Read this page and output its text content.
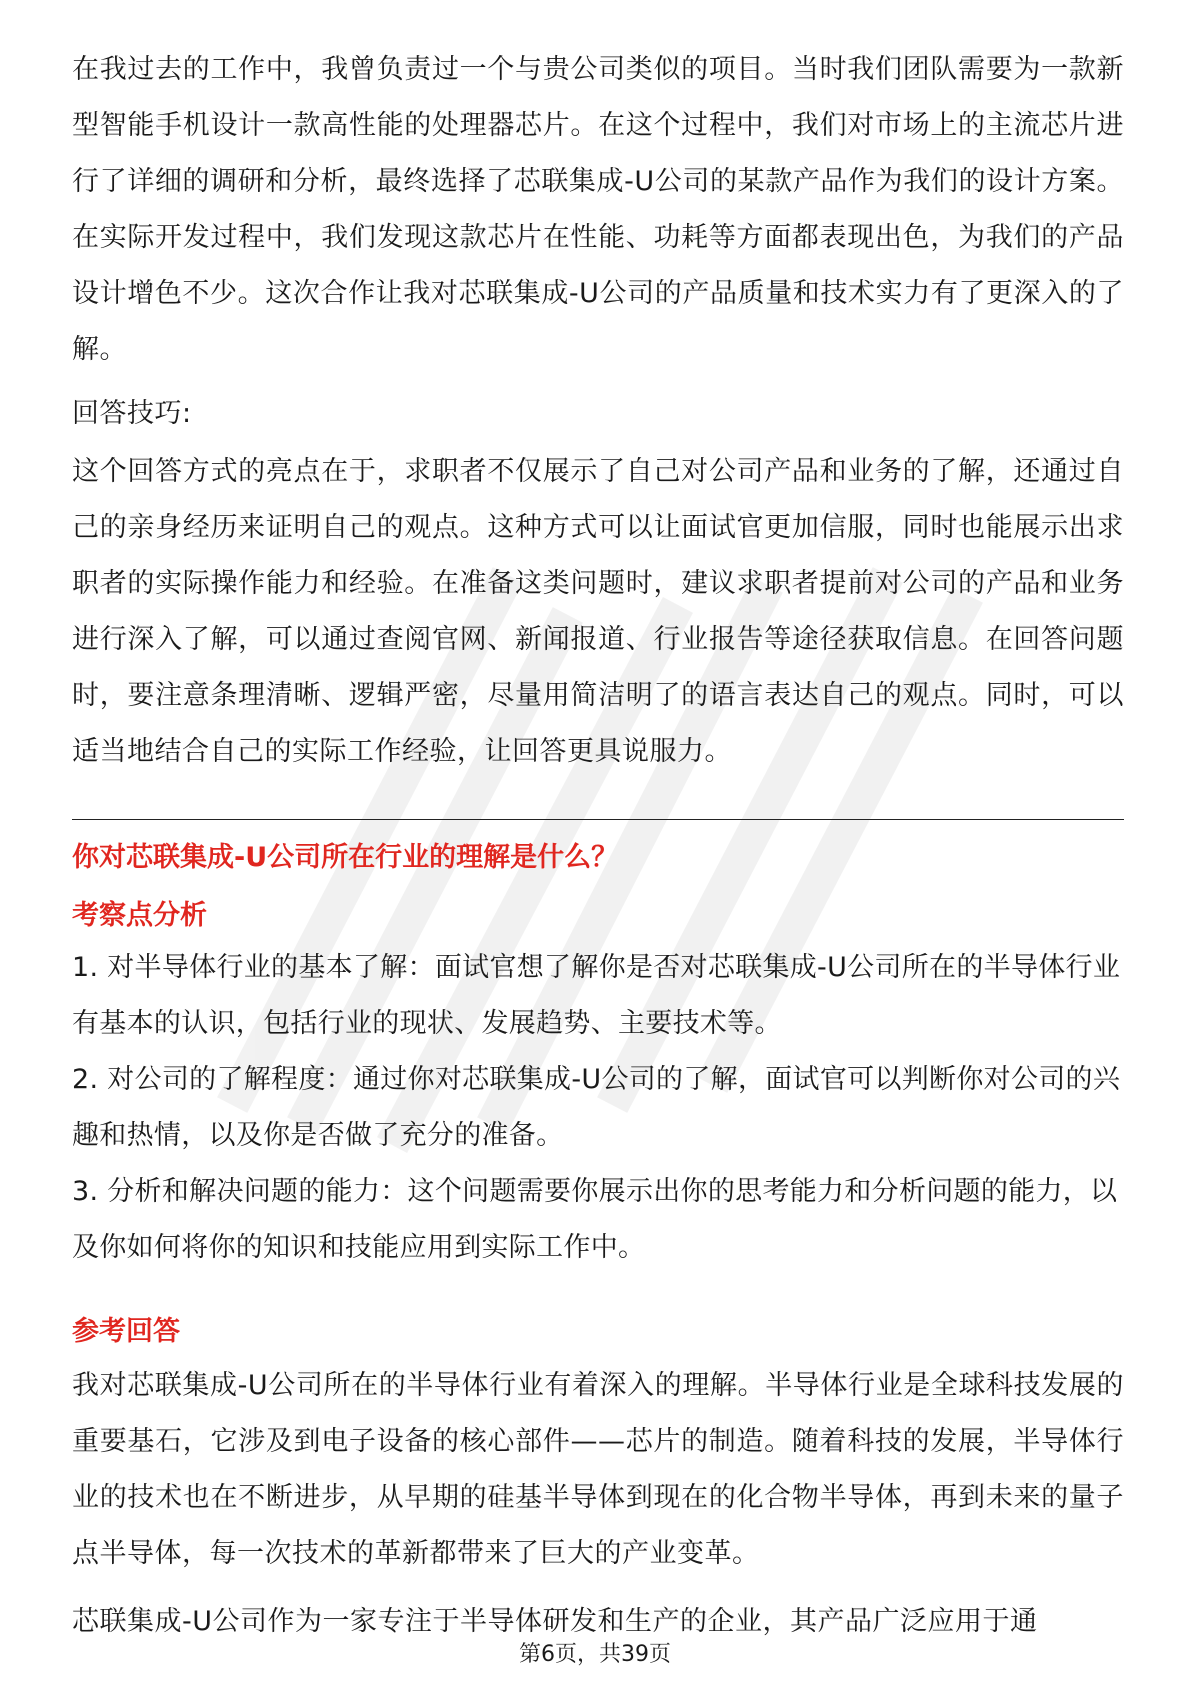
在我过去的工作中，我曾负责过一个与贵公司类似的项目。当时我们团队需要为一款新型智能手机设计一款高性能的处理器芯片。在这个过程中，我们对市场上的主流芯片进行了详细的调研和分析，最终选择了芯联集成-U公司的某款产品作为我们的设计方案。在实际开发过程中，我们发现这款芯片在性能、功耗等方面都表现出色，为我们的产品设计增色不少。这次合作让我对芯联集成-U公司的产品质量和技术实力有了更深入的了解。

回答技巧:

这个回答方式的亮点在于，求职者不仅展示了自己对公司产品和业务的了解，还通过自己的亲身经历来证明自己的观点。这种方式可以让面试官更加信服，同时也能展示出求职者的实际操作能力和经验。在准备这类问题时，建议求职者提前对公司的产品和业务进行深入了解，可以通过查阅官网、新闻报道、行业报告等途径获取信息。在回答问题时，要注意条理清晰、逻辑严密，尽量用简洁明了的语言表达自己的观点。同时，可以适当地结合自己的实际工作经验，让回答更具说服力。

你对芯联集成-U公司所在行业的理解是什么？
考察点分析

1. 对半导体行业的基本了解：面试官想了解你是否对芯联集成-U公司所在的半导体行业有基本的认识，包括行业的现状、发展趋势、主要技术等。

2. 对公司的了解程度：通过你对芯联集成-U公司的了解，面试官可以判断你对公司的兴趣和热情，以及你是否做了充分的准备。

3. 分析和解决问题的能力：这个问题需要你展示出你的思考能力和分析问题的能力，以及你如何将你的知识和技能应用到实际工作中。

参考回答

我对芯联集成-U公司所在的半导体行业有着深入的理解。半导体行业是全球科技发展的重要基石，它涉及到电子设备的核心部件——芯片的制造。随着科技的发展，半导体行业的技术也在不断进步，从早期的硅基半导体到现在的化合物半导体，再到未来的量子点半导体，每一次技术的革新都带来了巨大的产业变革。

芯联集成-U公司作为一家专注于半导体研发和生产的企业，其产品广泛应用于通

第6页，共39页
